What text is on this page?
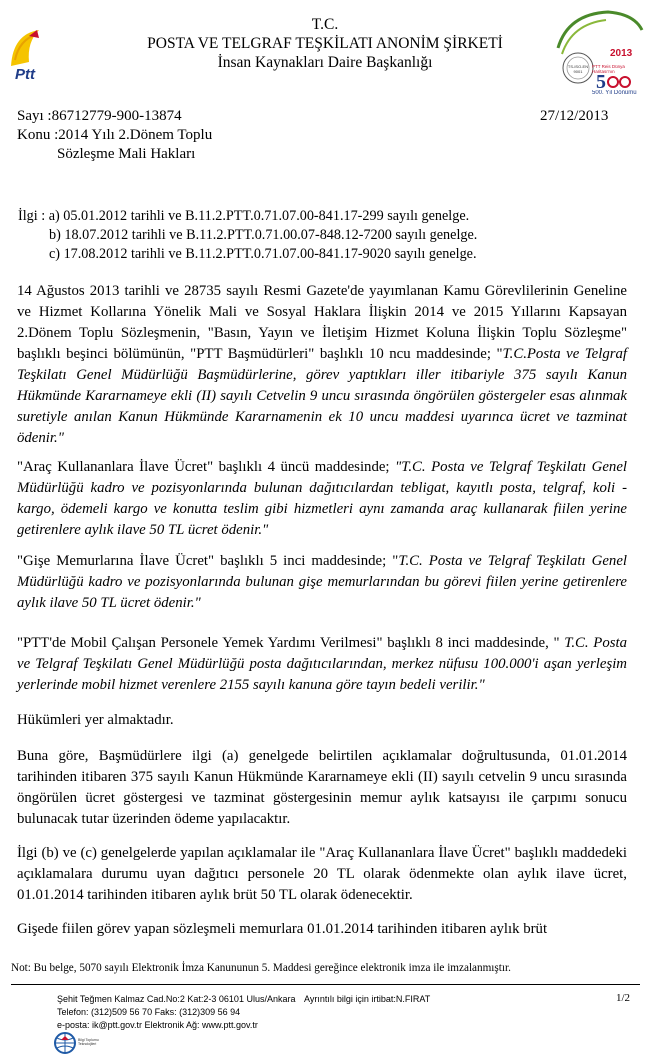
Ptt
T.C.
POSTA VE TELGRAF TEŞKİLATI ANONİM ŞİRKETİ
İnsan Kaynakları Daire Başkanlığı
2013
5
PTT Reis Dünya Haritası'nın
500. Yıl Dönümü
TS-ISO-EN 9001
Sayı :86712779-900-13874	27/12/2013
Konu :2014 Yılı 2.Dönem Toplu
Sözleşme Mali Hakları
İlgi : a) 05.01.2012 tarihli ve B.11.2.PTT.0.71.07.00-841.17-299 sayılı genelge.
b) 18.07.2012 tarihli ve B.11.2.PTT.0.71.00.07-848.12-7200 sayılı genelge.
c) 17.08.2012 tarihli ve B.11.2.PTT.0.71.07.00-841.17-9020 sayılı genelge.

14 Ağustos 2013 tarihli ve 28735 sayılı Resmi Gazete'de yayımlanan Kamu Görevlilerinin Geneline ve Hizmet Kollarına Yönelik Mali ve Sosyal Haklara İlişkin 2014 ve 2015 Yıllarını Kapsayan 2.Dönem Toplu Sözleşmenin, "Basın, Yayın ve İletişim Hizmet Koluna İlişkin Toplu Sözleşme" başlıklı beşinci bölümünün, "PTT Başmüdürleri" başlıklı 10 ncu maddesinde; "T.C.Posta ve Telgraf Teşkilatı Genel Müdürlüğü Başmüdürlerine, görev yaptıkları iller itibariyle 375 sayılı Kanun Hükmünde Kararnameye ekli (II) sayılı Cetvelin 9 uncu sırasında öngörülen göstergeler esas alınmak suretiyle anılan Kanun Hükmünde Kararnamenin ek 10 uncu maddesi uyarınca ücret ve tazminat ödenir."

"Araç Kullananlara İlave Ücret" başlıklı 4 üncü maddesinde; "T.C. Posta ve Telgraf Teşkilatı Genel Müdürlüğü kadro ve pozisyonlarında bulunan dağıtıcılardan tebligat, kayıtlı posta, telgraf, koli - kargo, ödemeli kargo ve konutta teslim gibi hizmetleri aynı zamanda araç kullanarak fiilen yerine getirenlere aylık ilave 50 TL ücret ödenir."

"Gişe Memurlarına İlave Ücret" başlıklı 5 inci maddesinde; "T.C. Posta ve Telgraf Teşkilatı Genel Müdürlüğü kadro ve pozisyonlarında bulunan gişe memurlarından bu görevi fiilen yerine getirenlere aylık ilave 50 TL ücret ödenir."

"PTT'de Mobil Çalışan Personele Yemek Yardımı Verilmesi" başlıklı 8 inci maddesinde, " T.C. Posta ve Telgraf Teşkilatı Genel Müdürlüğü posta dağıtıcılarından, merkez nüfusu 100.000'i aşan yerleşim yerlerinde mobil hizmet verenlere 2155 sayılı kanuna göre tayın bedeli verilir."

Hükümleri yer almaktadır.

Buna göre, Başmüdürlere ilgi (a) genelgede belirtilen açıklamalar doğrultusunda, 01.01.2014 tarihinden itibaren 375 sayılı Kanun Hükmünde Kararnameye ekli (II) sayılı cetvelin 9 uncu sırasında öngörülen ücret göstergesi ve tazminat göstergesinin memur aylık katsayısı ile çarpımı sonucu bulunacak tutar üzerinden ödeme yapılacaktır.

İlgi (b) ve (c) genelgelerde yapılan açıklamalar ile "Araç Kullananlara İlave Ücret" başlıklı maddedeki açıklamalara durumu uyan dağıtıcı personele 20 TL olarak ödenmekte olan aylık ilave ücret, 01.01.2014 tarihinden itibaren aylık brüt 50 TL olarak ödenecektir.

Gişede fiilen görev yapan sözleşmeli memurlara 01.01.2014 tarihinden itibaren aylık brüt

Not: Bu belge, 5070 sayılı Elektronik İmza Kanununun 5. Maddesi gereğince elektronik imza ile imzalanmıştır.
Şehit Teğmen Kalmaz Cad.No:2 Kat:2-3 06101 Ulus/Ankara Ayrıntılı bilgi için irtibat:N.FIRAT
Telefon: (312)509 56 70 Faks: (312)309 56 94
e-posta: ik@ptt.gov.tr Elektronik Ağ: www.ptt.gov.tr
1/2
Bilgi Toplumu Teknolojileri
